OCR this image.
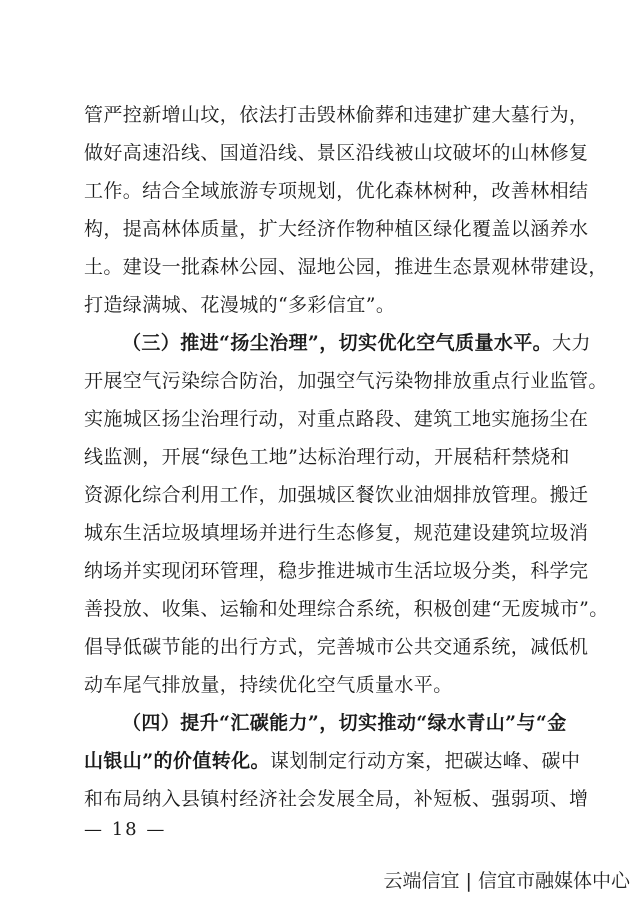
管严控新增山坟，依法打击毁林偷葬和违建扩建大墓行为，
做好高速沿线、国道沿线、景区沿线被山坟破坏的山林修复
工作。结合全域旅游专项规划，优化森林树种，改善林相结
构，提高林体质量，扩大经济作物种植区绿化覆盖以涵养水
土。建设一批森林公园、湿地公园，推进生态景观林带建设，
打造绿满城、花漫城的“多彩信宜”。
（三）推进“扬尘治理”，切实优化空气质量水平。大力
开展空气污染综合防治，加强空气污染物排放重点行业监管。
实施城区扬尘治理行动，对重点路段、建筑工地实施扬尘在
线监测，开展“绿色工地”达标治理行动，开展秸秆禁烧和
资源化综合利用工作，加强城区餐饮业油烟排放管理。搬迁
城东生活垃圾填埋场并进行生态修复，规范建设建筑垃圾消
纳场并实现闭环管理，稳步推进城市生活垃圾分类，科学完
善投放、收集、运输和处理综合系统，积极创建“无废城市”。
倡导低碳节能的出行方式，完善城市公共交通系统，减低机
动车尾气排放量，持续优化空气质量水平。
（四）提升“汇碳能力”，切实推动“绿水青山”与“金
山银山”的价值转化。谋划制定行动方案，把碳达峰、碳中
和布局纳入县镇村经济社会发展全局，补短板、强弱项、增
— 18 —
云端信宜 | 信宜市融媒体中心
